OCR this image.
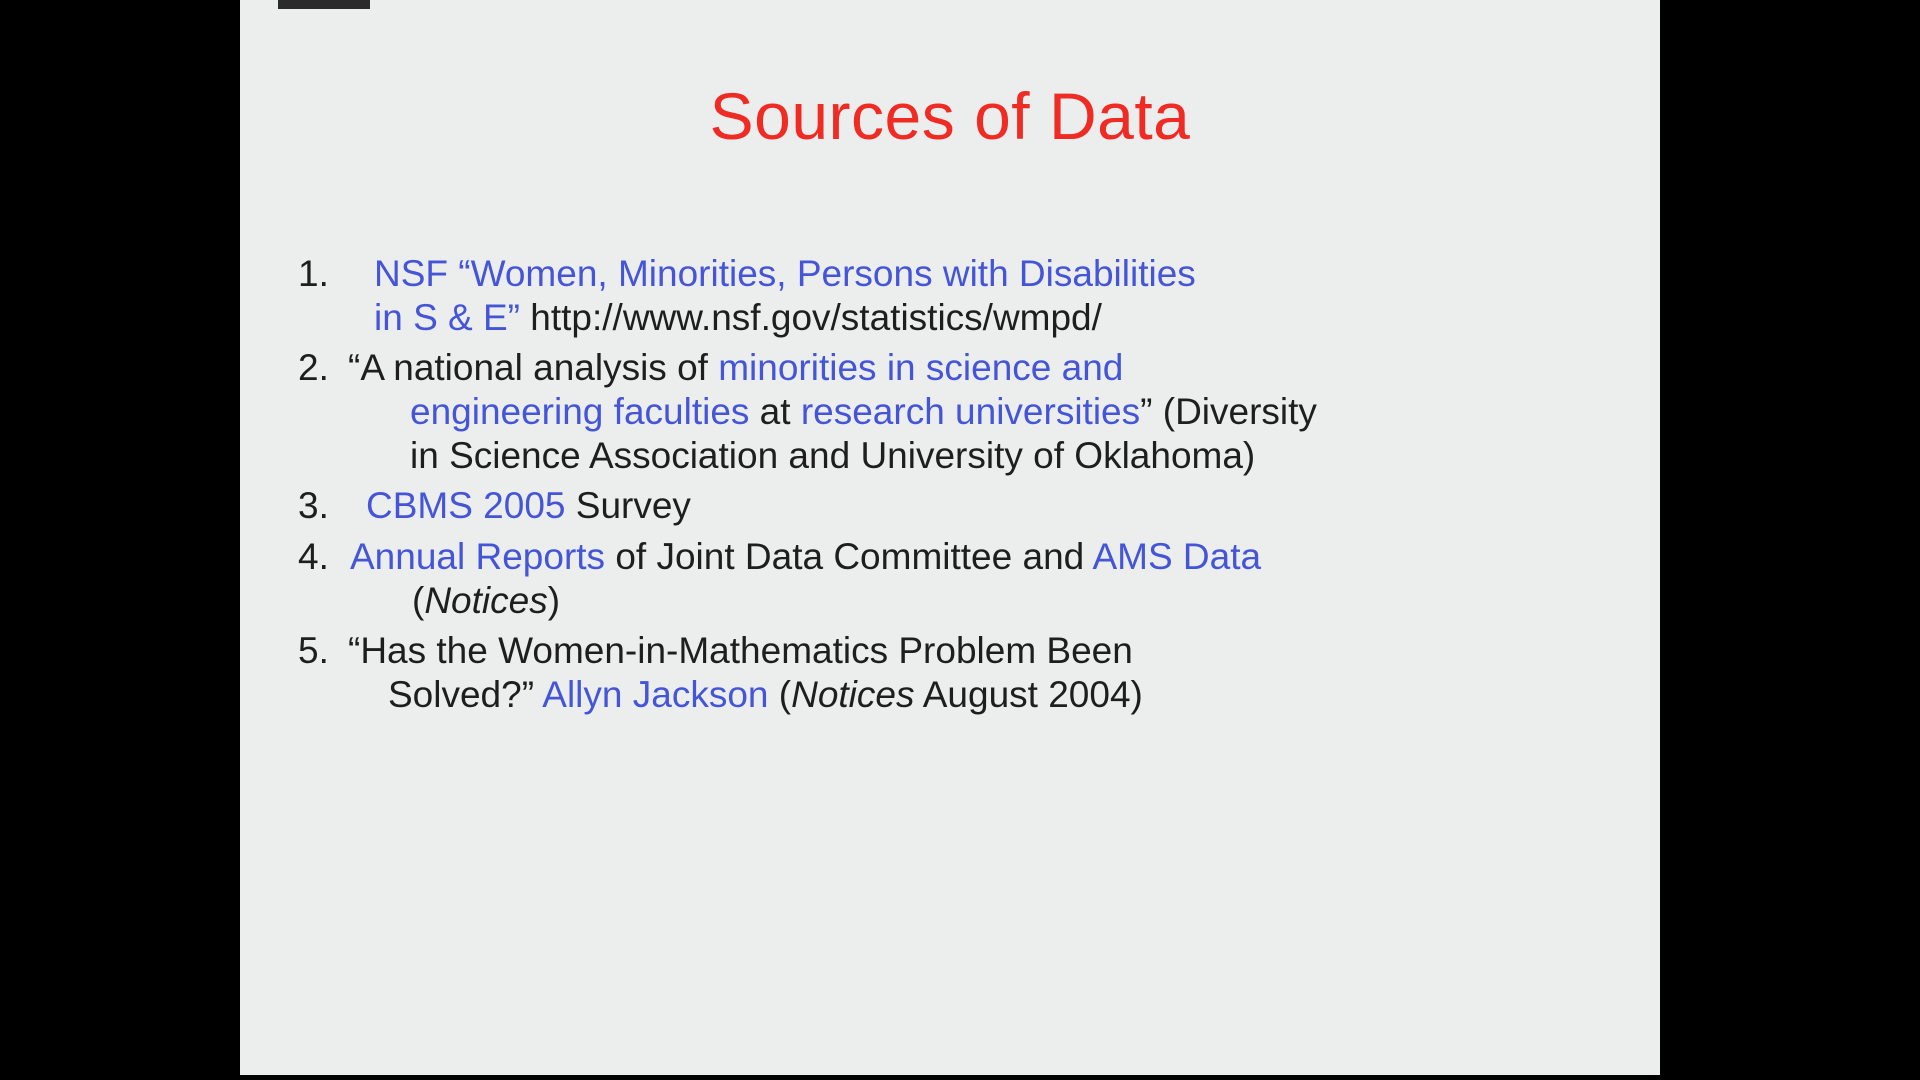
Sources of Data
1.	NSF “Women, Minorities, Persons with Disabilities
in S & E” http://www.nsf.gov/statistics/wmpd/
2. “A national analysis of minorities in science and
engineering faculties at research universities” (Diversity
in Science Association and University of Oklahoma)
3.	CBMS 2005 Survey
4. Annual Reports of Joint Data Committee and AMS Data
(Notices)
5. “Has the Women-in-Mathematics Problem Been
Solved?” Allyn Jackson (Notices August 2004)
